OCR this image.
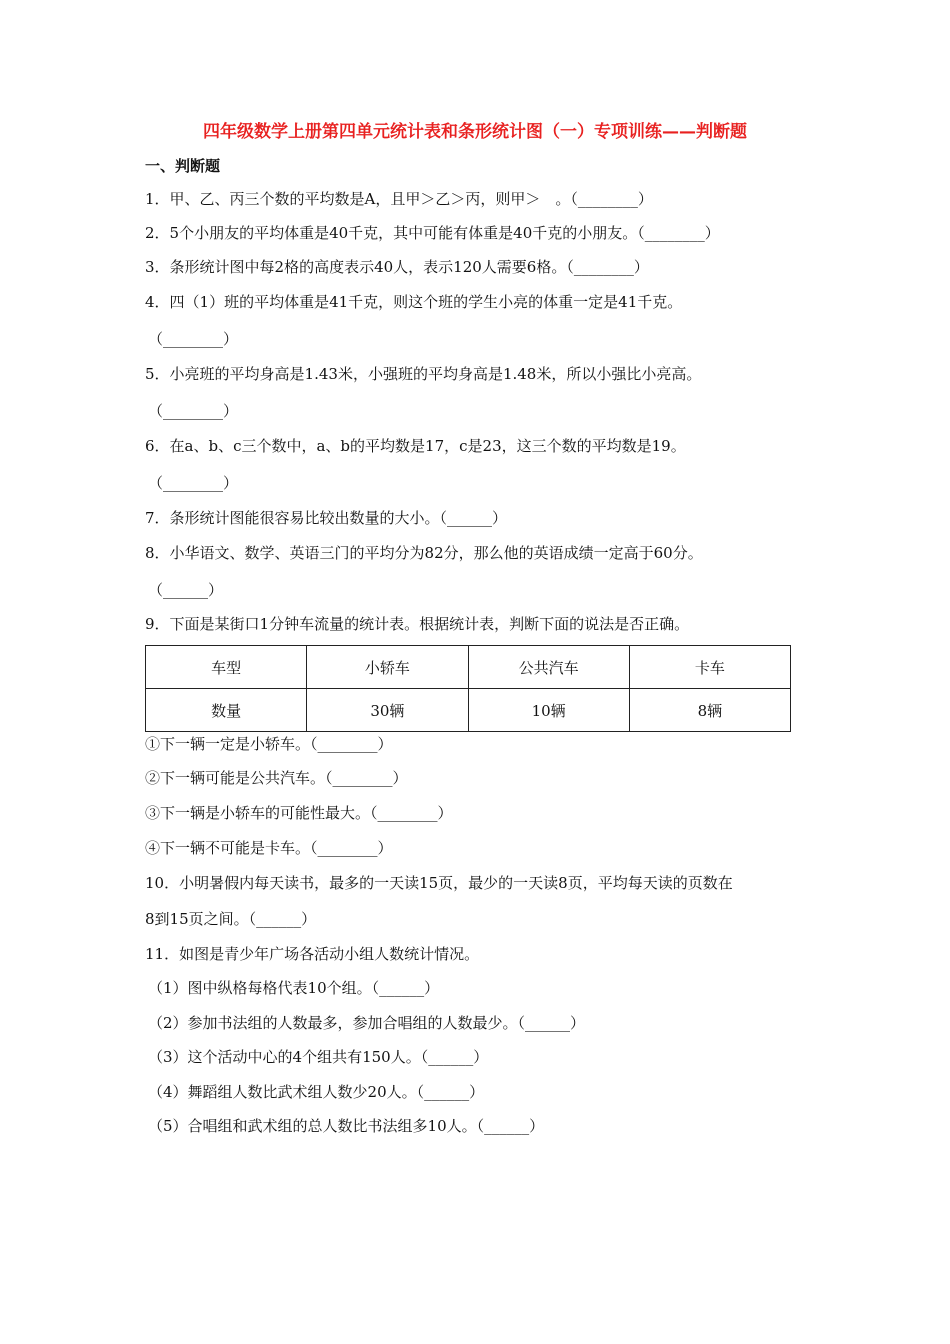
四年级数学上册第四单元统计表和条形统计图（一）专项训练——判断题
一、判断题
1．甲、乙、丙三个数的平均数是A，且甲＞乙＞丙，则甲＞　。（________）
2．5个小朋友的平均体重是40千克，其中可能有体重是40千克的小朋友。（________）
3．条形统计图中每2格的高度表示40人，表示120人需要6格。（________）
4．四（1）班的平均体重是41千克，则这个班的学生小亮的体重一定是41千克。
（________）
5．小亮班的平均身高是1.43米，小强班的平均身高是1.48米，所以小强比小亮高。
（________）
6．在a、b、c三个数中，a、b的平均数是17，c是23，这三个数的平均数是19。
（________）
7．条形统计图能很容易比较出数量的大小。（______）
8．小华语文、数学、英语三门的平均分为82分，那么他的英语成绩一定高于60分。
（______）
9．下面是某街口1分钟车流量的统计表。根据统计表，判断下面的说法是否正确。
车型	小轿车	公共汽车	卡车
数量	30辆	10辆	8辆
①下一辆一定是小轿车。（________）
②下一辆可能是公共汽车。（________）
③下一辆是小轿车的可能性最大。（________）
④下一辆不可能是卡车。（________）
10．小明暑假内每天读书，最多的一天读15页，最少的一天读8页，平均每天读的页数在
8到15页之间。（______）
11．如图是青少年广场各活动小组人数统计情况。
（1）图中纵格每格代表10个组。（______）
（2）参加书法组的人数最多，参加合唱组的人数最少。（______）
（3）这个活动中心的4个组共有150人。（______）
（4）舞蹈组人数比武术组人数少20人。（______）
（5）合唱组和武术组的总人数比书法组多10人。（______）
